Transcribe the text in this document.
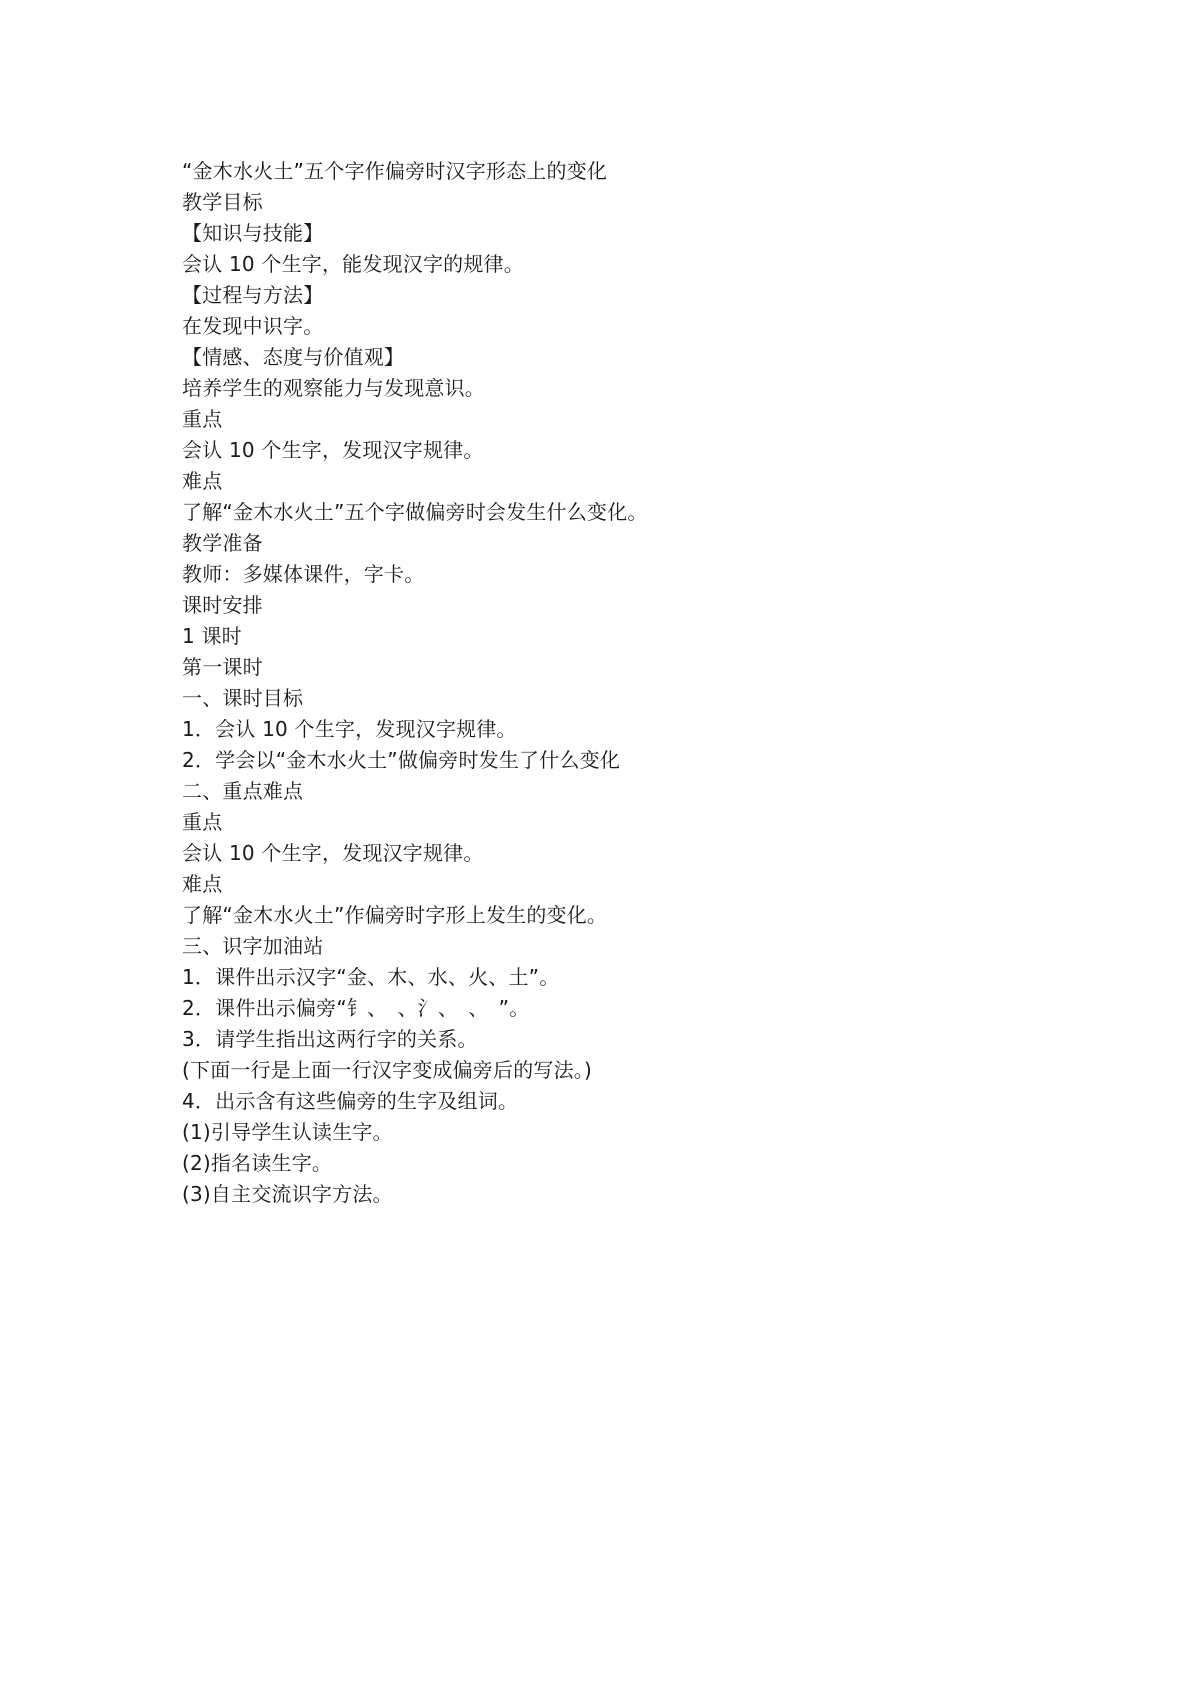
“金木水火土”五个字作偏旁时汉字形态上的变化
教学目标
【知识与技能】
会认 10 个生字，能发现汉字的规律。
【过程与方法】
在发现中识字。
【情感、态度与价值观】
培养学生的观察能力与发现意识。
重点
会认 10 个生字，发现汉字规律。
难点
了解“金木水火土”五个字做偏旁时会发生什么变化。
教学准备
教师：多媒体课件，字卡。
课时安排
1 课时
第一课时
一、课时目标
1．会认 10 个生字，发现汉字规律。
2．学会以“金木水火土”做偏旁时发生了什么变化
二、重点难点
重点
会认 10 个生字，发现汉字规律。
难点
了解“金木水火土”作偏旁时字形上发生的变化。
三、识字加油站
1．课件出示汉字“金、木、水、火、土”。
2．课件出示偏旁“钅、　、氵、　、　”。
3．请学生指出这两行字的关系。
(下面一行是上面一行汉字变成偏旁后的写法。)
4．出示含有这些偏旁的生字及组词。
(1)引导学生认读生字。
(2)指名读生字。
(3)自主交流识字方法。
